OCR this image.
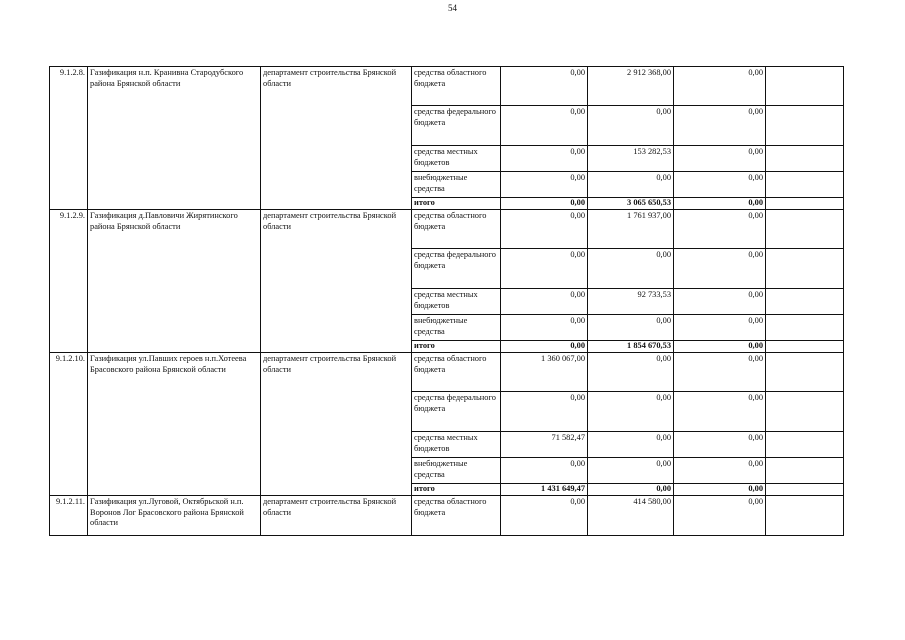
54
9.1.2.8.	Газификация н.п. Кранивна Стародубского района Брянской области	департамент строительства Брянской области	средства областного бюджета	0,00	2 912 368,00	0,00	
			средства федерального бюджета	0,00	0,00	0,00	
			средства местных бюджетов	0,00	153 282,53	0,00	
			внебюджетные средства	0,00	0,00	0,00	
			итого	0,00	3 065 650,53	0,00	
9.1.2.9.	Газификация д.Павловичи Жирятинского района Брянской области	департамент строительства Брянской области	средства областного бюджета	0,00	1 761 937,00	0,00	
			средства федерального бюджета	0,00	0,00	0,00	
			средства местных бюджетов	0,00	92 733,53	0,00	
			внебюджетные средства	0,00	0,00	0,00	
			итого	0,00	1 854 670,53	0,00	
9.1.2.10.	Газификация ул.Павших героев н.п.Хотеева Брасовского района Брянской области	департамент строительства Брянской области	средства областного бюджета	1 360 067,00	0,00	0,00	
			средства федерального бюджета	0,00	0,00	0,00	
			средства местных бюджетов	71 582,47	0,00	0,00	
			внебюджетные средства	0,00	0,00	0,00	
			итого	1 431 649,47	0,00	0,00	
9.1.2.11.	Газификация ул.Луговой, Октябрьской н.п. Воронов Лог Брасовского района Брянской области	департамент строительства Брянской области	средства областного бюджета	0,00	414 580,00	0,00	
